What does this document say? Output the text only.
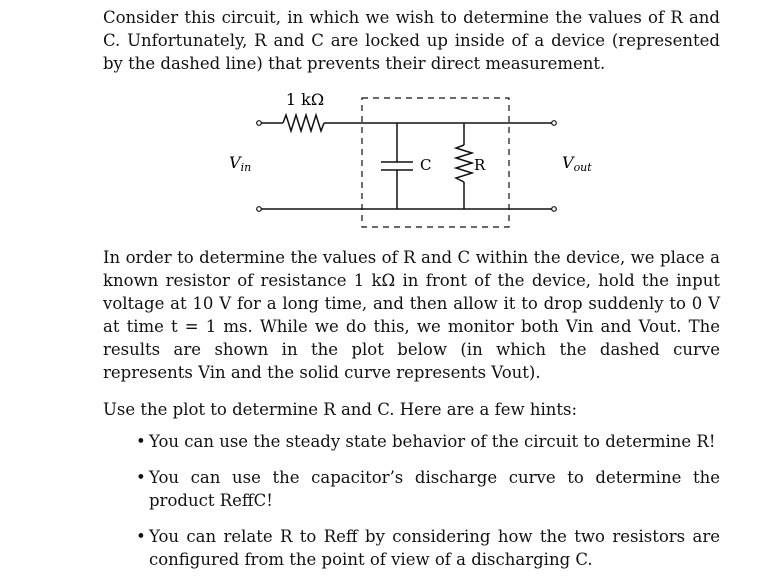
Consider this circuit, in which we wish to determine the values of R and C. Unfortunately, R and C are locked up inside of a device (represented by the dashed line) that prevents their direct measurement.

1 kΩ
C	R
Vin	Vout

In order to determine the values of R and C within the device, we place a known resistor of resistance 1 kΩ in front of the device, hold the input voltage at 10 V for a long time, and then allow it to drop suddenly to 0 V at time t = 1 ms. While we do this, we monitor both Vin and Vout. The results are shown in the plot below (in which the dashed curve represents Vin and the solid curve represents Vout).

Use the plot to determine R and C. Here are a few hints:

• You can use the steady state behavior of the circuit to determine R!
• You can use the capacitor’s discharge curve to determine the product ReffC!
• You can relate R to Reff by considering how the two resistors are configured from the point of view of a discharging C.
